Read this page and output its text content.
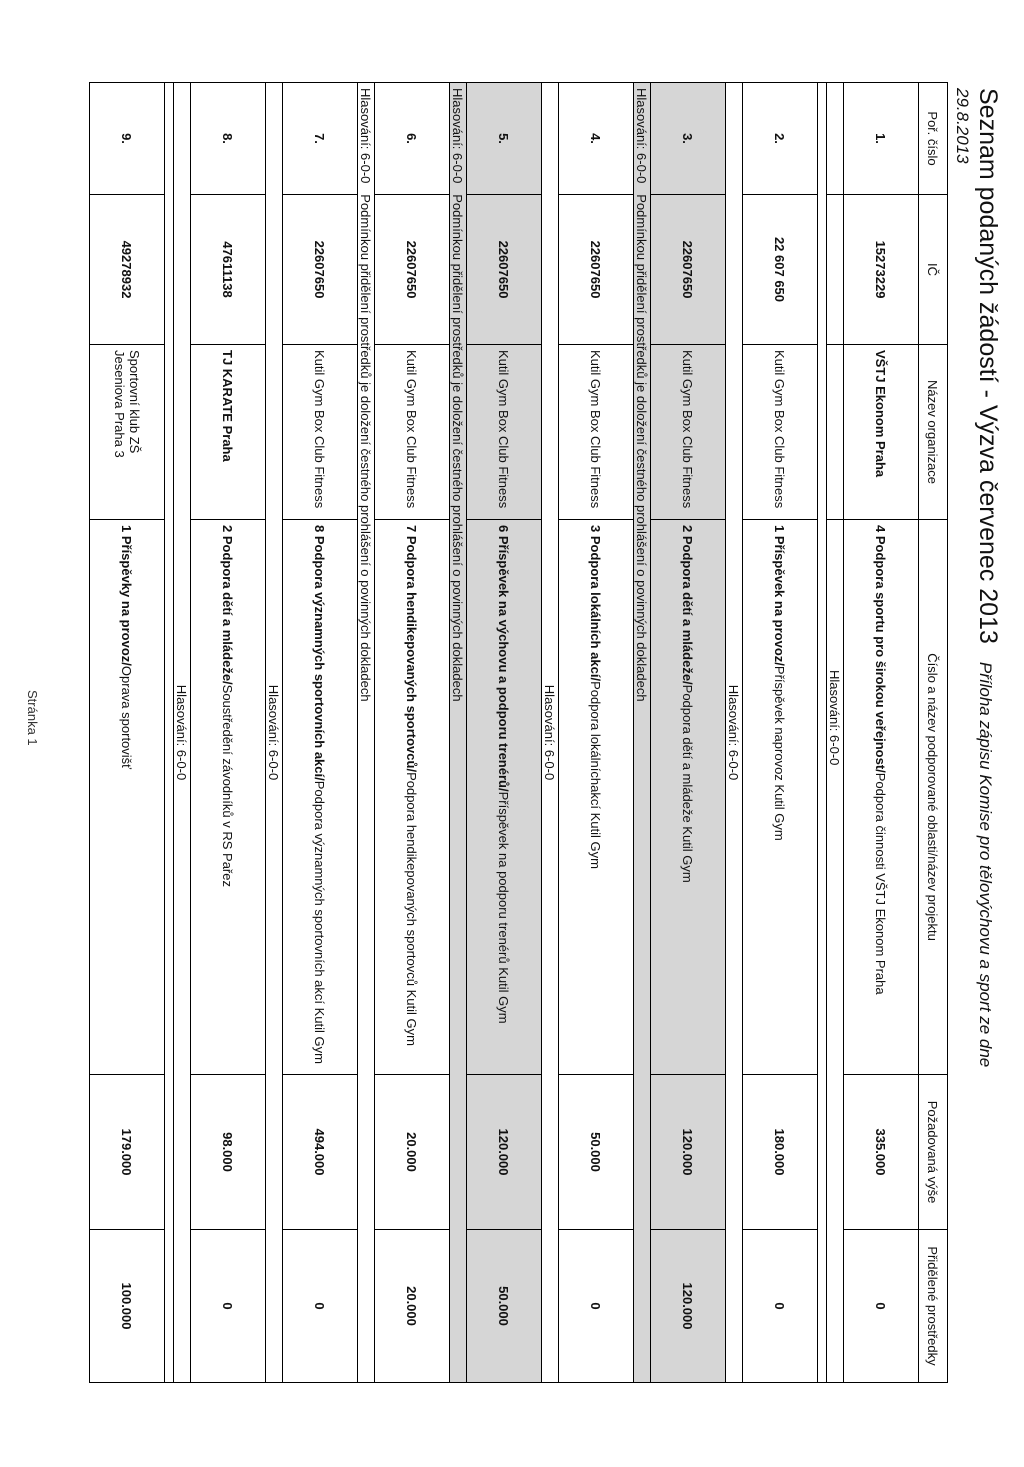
Seznam podaných žádostí - Výzva červenec 2013Příloha zápisu Komise pro tělovýchovu a sport ze dne
29.8.2013
Poř. číslo	IČ	Název organizace	Číslo a název podporované oblasti/název projektu	Požadovaná výše	Přidělené prostředky
1.	15273229	VŠTJ Ekonom Praha	4 Podpora sportu pro širokou veřejnost/Podpora činnosti VŠTJ Ekonom Praha	335.000	0
			Hlasování: 6-0-0		

2.	22 607 650	Kutil Gym Box Club Fitness	1 Příspěvek na provoz/Příspěvek naprovoz Kutil Gym	180.000	0
Hlasování: 6-0-0					
3.	22607650	Kutil Gym Box Club Fitness	2 Podpora dětí a mládeže/Podpora dětí a mládeže Kutil Gym	120.000	120.000
Hlasování: 6-0-0   Podmínkou přidělení prostředků je doložení čestného prohlášení o povinných dokladech					
4.	22607650	Kutil Gym Box Club Fitness	3 Podpora lokálních akcí/Podpora lokálníchakcí Kutil Gym	50.000	0
Hlasování: 6-0-0					
5.	22607650	Kutil Gym Box Club Fitness	6 Příspěvek na výchovu a podporu trenérů/Příspěvek na podporu trenérů Kutil Gym	120.000	50.000
Hlasování: 6-0-0   Podmínkou přidělení prostředků je doložení čestného prohlášení o povinných dokladech					
6.	22607650	Kutil Gym Box Club Fitness	7 Podpora hendikepovaných sportovců/Podpora hendikepovaných sportovců Kutil Gym	20.000	20.000
Hlasování: 6-0-0   Podmínkou přidělení prostředků je doložení čestného prohlášení o povinných dokladech					
7.	22607650	Kutil Gym Box Club Fitness	8 Podpora významných sportovních akcí/Podpora významných sportovních akcí Kutil Gym	494.000	0
Hlasování: 6-0-0					
8.	47611138	TJ KARATE Praha	2 Podpora dětí a mládeže/Soustředění závodníků v RS Pařez	98.000	0
Hlasování: 6-0-0					

9.	49278932	Sportovní klub ZŠ Jeseniova Praha 3	1 Příspěvky na provoz/Oprava sportovišť	179.000	100.000
Stránka 1
